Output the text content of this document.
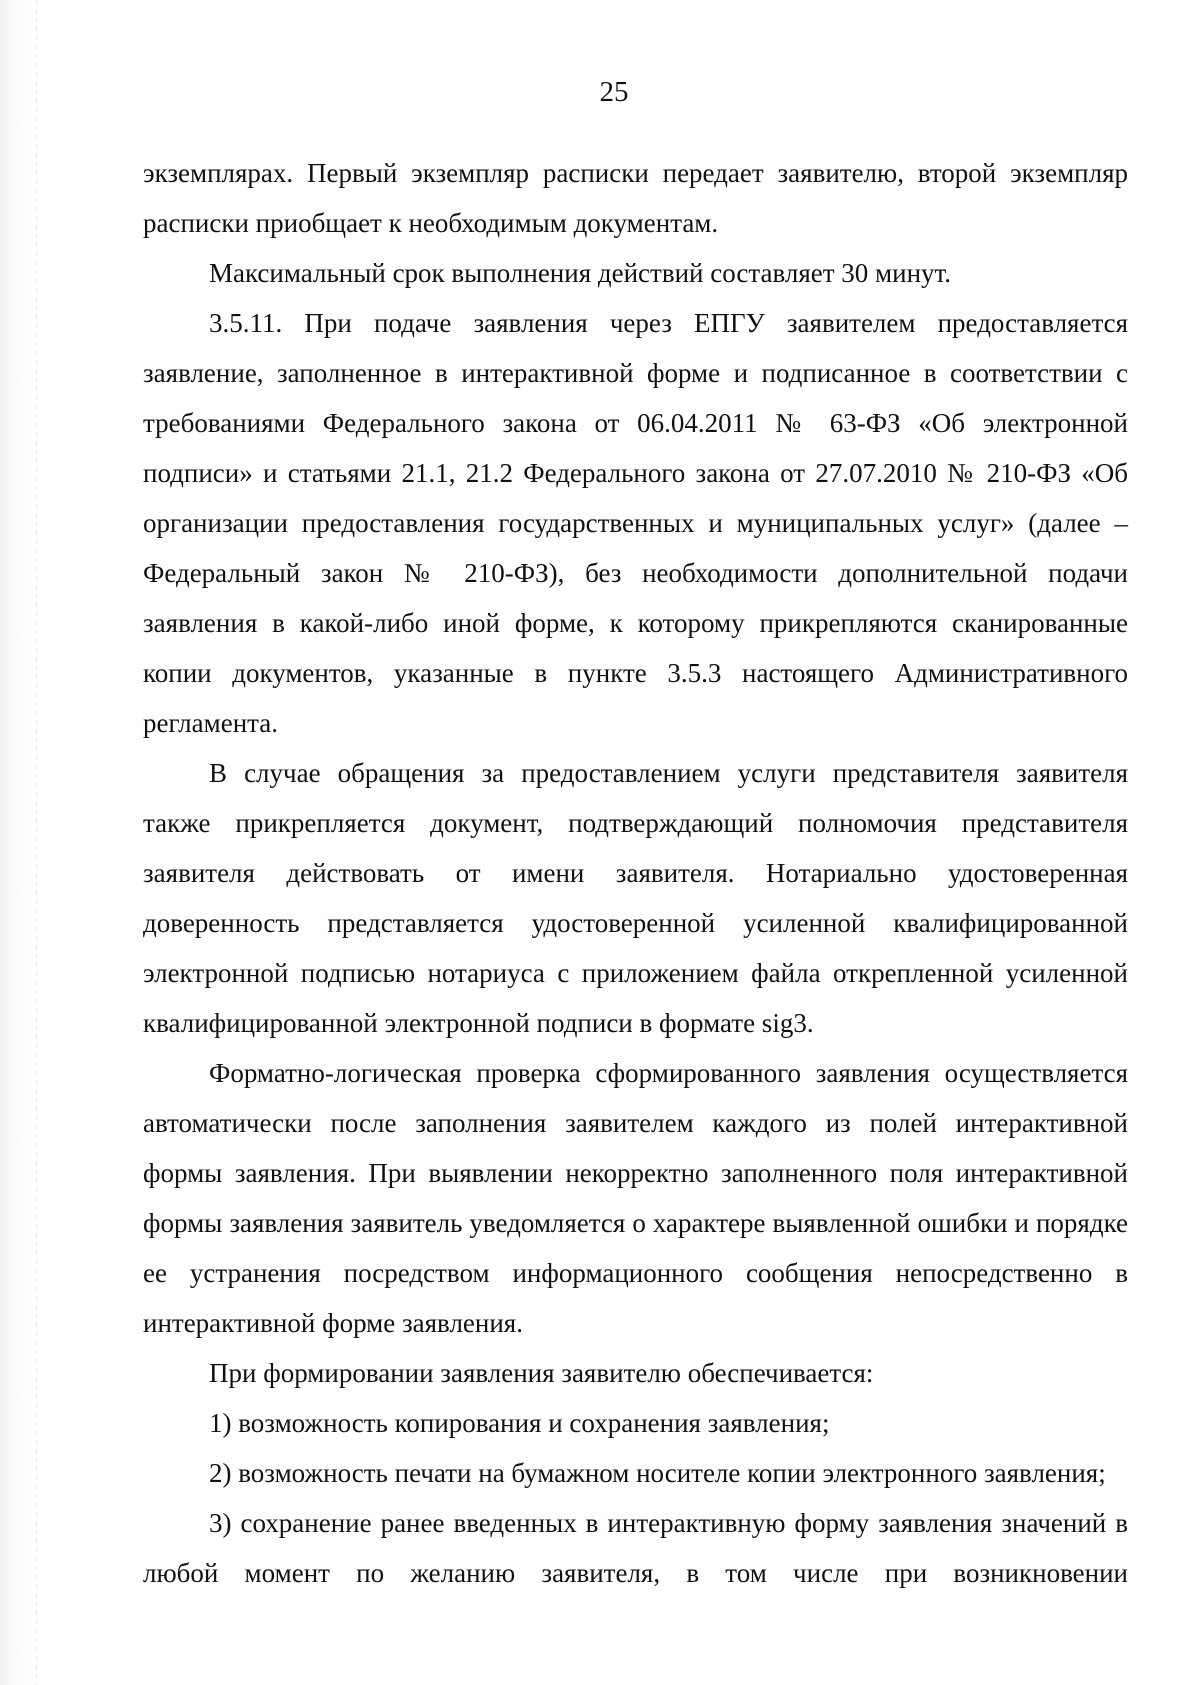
25

экземплярах. Первый экземпляр расписки передает заявителю, второй экземпляр расписки приобщает к необходимым документам.

Максимальный срок выполнения действий составляет 30 минут.

3.5.11. При подаче заявления через ЕПГУ заявителем предоставляется заявление, заполненное в интерактивной форме и подписанное в соответствии с требованиями Федерального закона от 06.04.2011 № 63-ФЗ «Об электронной подписи» и статьями 21.1, 21.2 Федерального закона от 27.07.2010 № 210-ФЗ «Об организации предоставления государственных и муниципальных услуг» (далее – Федеральный закон № 210-ФЗ), без необходимости дополнительной подачи заявления в какой-либо иной форме, к которому прикрепляются сканированные копии документов, указанные в пункте 3.5.3 настоящего Административного регламента.

В случае обращения за предоставлением услуги представителя заявителя также прикрепляется документ, подтверждающий полномочия представителя заявителя действовать от имени заявителя. Нотариально удостоверенная доверенность представляется удостоверенной усиленной квалифицированной электронной подписью нотариуса с приложением файла открепленной усиленной квалифицированной электронной подписи в формате sig3.

Форматно-логическая проверка сформированного заявления осуществляется автоматически после заполнения заявителем каждого из полей интерактивной формы заявления. При выявлении некорректно заполненного поля интерактивной формы заявления заявитель уведомляется о характере выявленной ошибки и порядке ее устранения посредством информационного сообщения непосредственно в интерактивной форме заявления.

При формировании заявления заявителю обеспечивается:

1) возможность копирования и сохранения заявления;

2) возможность печати на бумажном носителе копии электронного заявления;

3) сохранение ранее введенных в интерактивную форму заявления значений в любой момент по желанию заявителя, в том числе при возникновении
